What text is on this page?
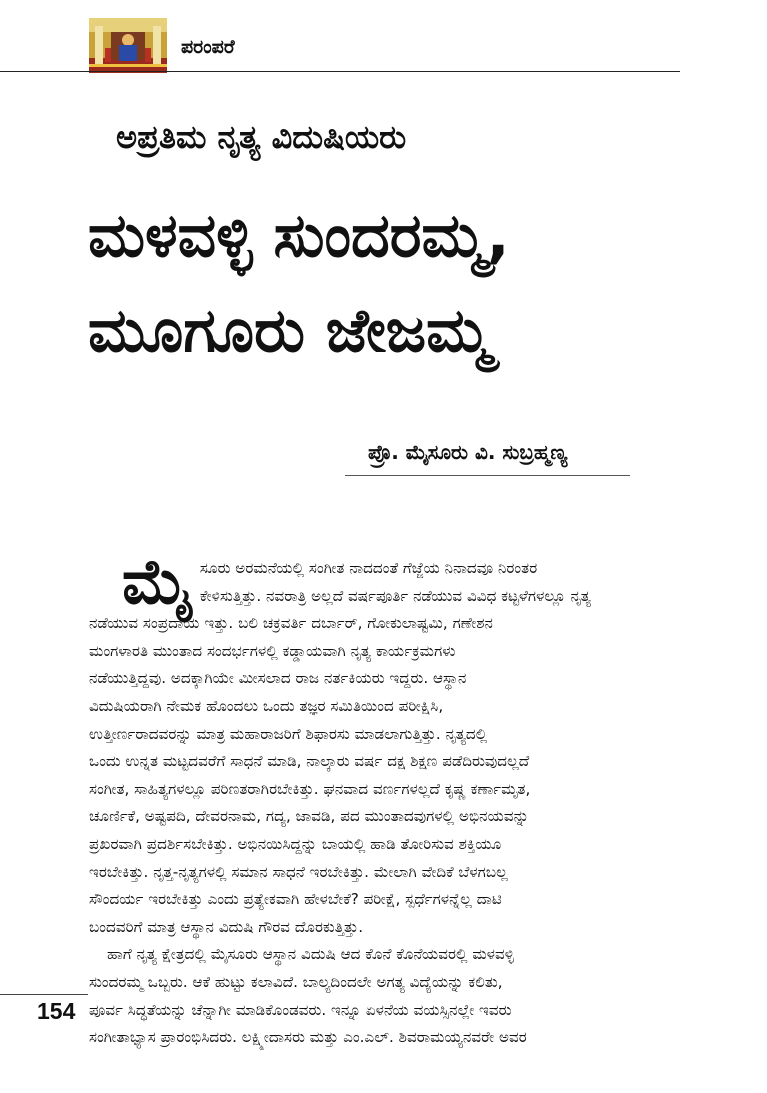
ಪರಂಪರೆ
ಅಪ್ರತಿಮ ನೃತ್ಯ ವಿದುಷಿಯರು
ಮಳವಳ್ಳಿ ಸುಂದರಮ್ಮ,
ಮೂಗೂರು ಜೇಜಮ್ಮ
ಪ್ರೊ. ಮೈಸೂರು ವಿ. ಸುಬ್ರಹ್ಮಣ್ಯ
ಮೈಸೂರು ಅರಮನೆಯಲ್ಲಿ ಸಂಗೀತ ನಾದದಂತೆ ಗೆಜ್ಜೆಯ ನಿನಾದವೂ ನಿರಂತರ
ಕೇಳಿಸುತ್ತಿತ್ತು. ನವರಾತ್ರಿ ಅಲ್ಲದೆ ವರ್ಷಪೂರ್ತಿ ನಡೆಯುವ ವಿವಿಧ ಕಟ್ಟಳೆಗಳಲ್ಲೂ ನೃತ್ಯ
ನಡೆಯುವ ಸಂಪ್ರದಾಯ ಇತ್ತು. ಬಲಿ ಚಕ್ರವರ್ತಿ ದರ್ಬಾರ್, ಗೋಕುಲಾಷ್ಟಮಿ, ಗಣೇಶನ
ಮಂಗಳಾರತಿ ಮುಂತಾದ ಸಂದರ್ಭಗಳಲ್ಲಿ ಕಡ್ಡಾಯವಾಗಿ ನೃತ್ಯ ಕಾರ್ಯಕ್ರಮಗಳು
ನಡೆಯುತ್ತಿದ್ದವು. ಅದಕ್ಕಾಗಿಯೇ ಮೀಸಲಾದ ರಾಜ ನರ್ತಕಿಯರು ಇದ್ದರು. ಆಸ್ಥಾನ
ವಿದುಷಿಯರಾಗಿ ನೇಮಕ ಹೊಂದಲು ಒಂದು ತಜ್ಞರ ಸಮಿತಿಯಿಂದ ಪರೀಕ್ಷಿಸಿ,
ಉತ್ತೀರ್ಣರಾದವರನ್ನು ಮಾತ್ರ ಮಹಾರಾಜರಿಗೆ ಶಿಫಾರಸು ಮಾಡಲಾಗುತ್ತಿತ್ತು. ನೃತ್ಯದಲ್ಲಿ
ಒಂದು ಉನ್ನತ ಮಟ್ಟದವರೆಗೆ ಸಾಧನೆ ಮಾಡಿ, ನಾಲ್ಕಾರು ವರ್ಷ ದಕ್ಷ ಶಿಕ್ಷಣ ಪಡೆದಿರುವುದಲ್ಲದೆ
ಸಂಗೀತ, ಸಾಹಿತ್ಯಗಳಲ್ಲೂ ಪರಿಣತರಾಗಿರಬೇಕಿತ್ತು. ಘನವಾದ ವರ್ಣಗಳಲ್ಲದೆ ಕೃಷ್ಣ ಕರ್ಣಾಮೃತ,
ಚೂರ್ಣಿಕೆ, ಅಷ್ಟಪದಿ, ದೇವರನಾಮ, ಗದ್ಯ, ಜಾವಡಿ, ಪದ ಮುಂತಾದವುಗಳಲ್ಲಿ ಅಭಿನಯವನ್ನು
ಪ್ರಖರವಾಗಿ ಪ್ರದರ್ಶಿಸಬೇಕಿತ್ತು. ಅಭಿನಯಿಸಿದ್ದನ್ನು ಬಾಯಲ್ಲಿ ಹಾಡಿ ತೋರಿಸುವ ಶಕ್ತಿಯೂ
ಇರಬೇಕಿತ್ತು. ನೃತ್ತ-ನೃತ್ಯಗಳಲ್ಲಿ ಸಮಾನ ಸಾಧನೆ ಇರಬೇಕಿತ್ತು. ಮೇಲಾಗಿ ವೇದಿಕೆ ಬೆಳಗಬಲ್ಲ
ಸೌಂದರ್ಯ ಇರಬೇಕಿತ್ತು ಎಂದು ಪ್ರತ್ಯೇಕವಾಗಿ ಹೇಳಬೇಕೆ? ಪರೀಕ್ಷೆ, ಸ್ಪರ್ಧೆಗಳನ್ನೆಲ್ಲ ದಾಟಿ
ಬಂದವರಿಗೆ ಮಾತ್ರ ಆಸ್ಥಾನ ವಿದುಷಿ ಗೌರವ ದೊರಕುತ್ತಿತ್ತು.
ಹಾಗೆ ನೃತ್ಯ ಕ್ಷೇತ್ರದಲ್ಲಿ ಮೈಸೂರು ಆಸ್ಥಾನ ವಿದುಷಿ ಆದ ಕೊನೆ ಕೊನೆಯವರಲ್ಲಿ ಮಳವಳ್ಳಿ
ಸುಂದರಮ್ಮ ಒಬ್ಬರು. ಆಕೆ ಹುಟ್ಟು ಕಲಾವಿದೆ. ಬಾಲ್ಯದಿಂದಲೇ ಅಗತ್ಯ ವಿದ್ಯೆಯನ್ನು ಕಲಿತು,
ಪೂರ್ವ ಸಿದ್ಧತೆಯನ್ನು ಚೆನ್ನಾಗೀ ಮಾಡಿಕೊಂಡವರು. ಇನ್ನೂ ಏಳನೆಯ ವಯಸ್ಸಿನಲ್ಲೇ ಇವರು
ಸಂಗೀತಾಭ್ಯಾಸ ಪ್ರಾರಂಭಿಸಿದರು. ಲಕ್ಷ್ಮೀದಾಸರು ಮತ್ತು ಎಂ.ಎಲ್. ಶಿವರಾಮಯ್ಯನವರೇ ಅವರ
154
